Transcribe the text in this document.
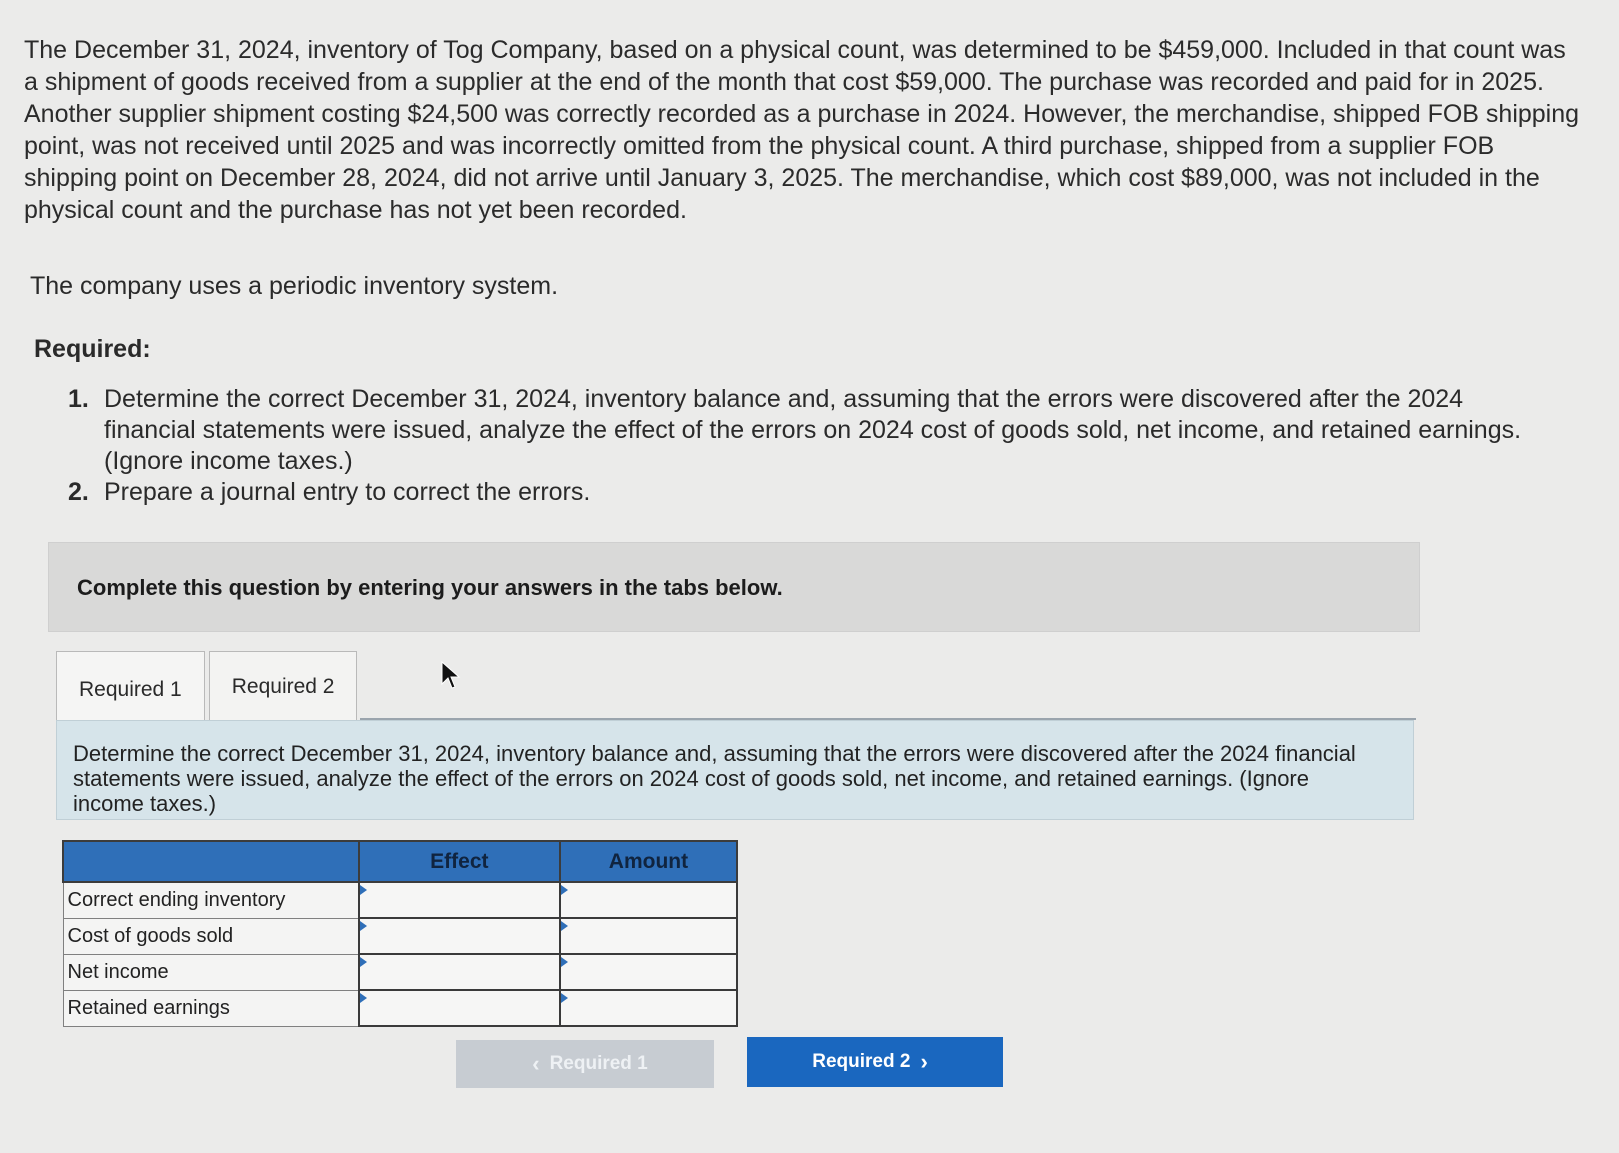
The December 31, 2024, inventory of Tog Company, based on a physical count, was determined to be $459,000. Included in that count was a shipment of goods received from a supplier at the end of the month that cost $59,000. The purchase was recorded and paid for in 2025. Another supplier shipment costing $24,500 was correctly recorded as a purchase in 2024. However, the merchandise, shipped FOB shipping point, was not received until 2025 and was incorrectly omitted from the physical count. A third purchase, shipped from a supplier FOB shipping point on December 28, 2024, did not arrive until January 3, 2025. The merchandise, which cost $89,000, was not included in the physical count and the purchase has not yet been recorded.

The company uses a periodic inventory system.
Required:
1. Determine the correct December 31, 2024, inventory balance and, assuming that the errors were discovered after the 2024 financial statements were issued, analyze the effect of the errors on 2024 cost of goods sold, net income, and retained earnings. (Ignore income taxes.)
2. Prepare a journal entry to correct the errors.
Complete this question by entering your answers in the tabs below.
Required 1	Required 2
Determine the correct December 31, 2024, inventory balance and, assuming that the errors were discovered after the 2024 financial statements were issued, analyze the effect of the errors on 2024 cost of goods sold, net income, and retained earnings. (Ignore income taxes.)
	Effect	Amount
Correct ending inventory		
Cost of goods sold		
Net income		
Retained earnings		
‹ Required 1	Required 2 ›
